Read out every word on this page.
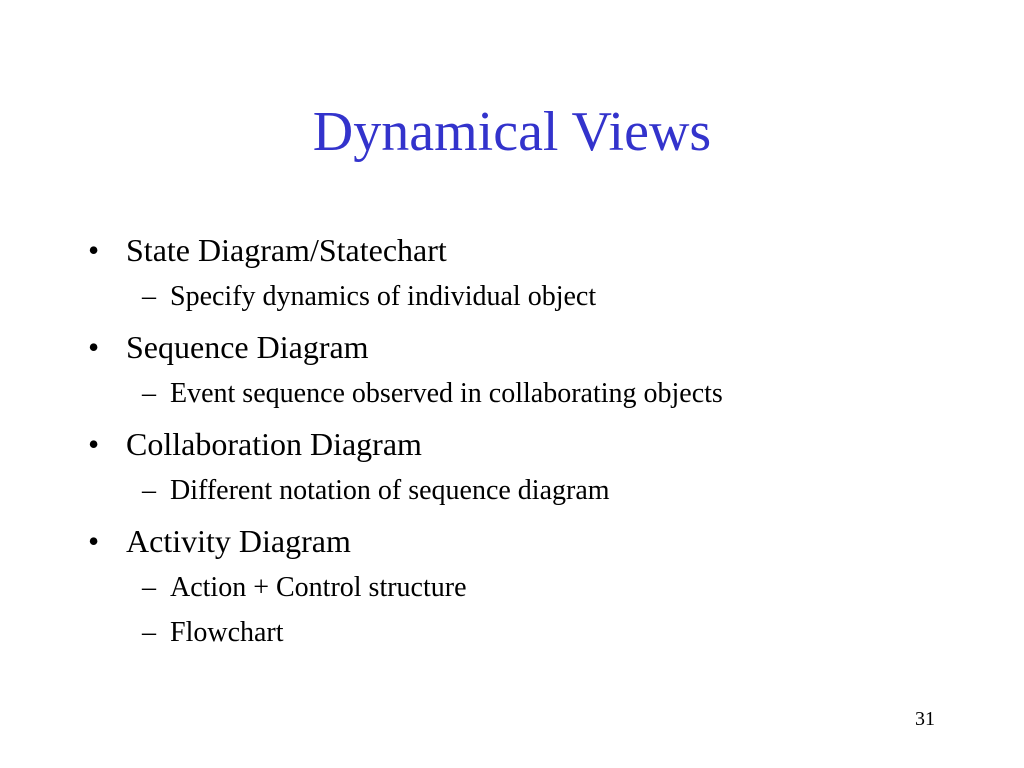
Dynamical Views
• State Diagram/Statechart
– Specify dynamics of individual object
• Sequence Diagram
– Event sequence observed in collaborating objects
• Collaboration Diagram
– Different notation of sequence diagram
• Activity Diagram
– Action + Control structure
– Flowchart
31
